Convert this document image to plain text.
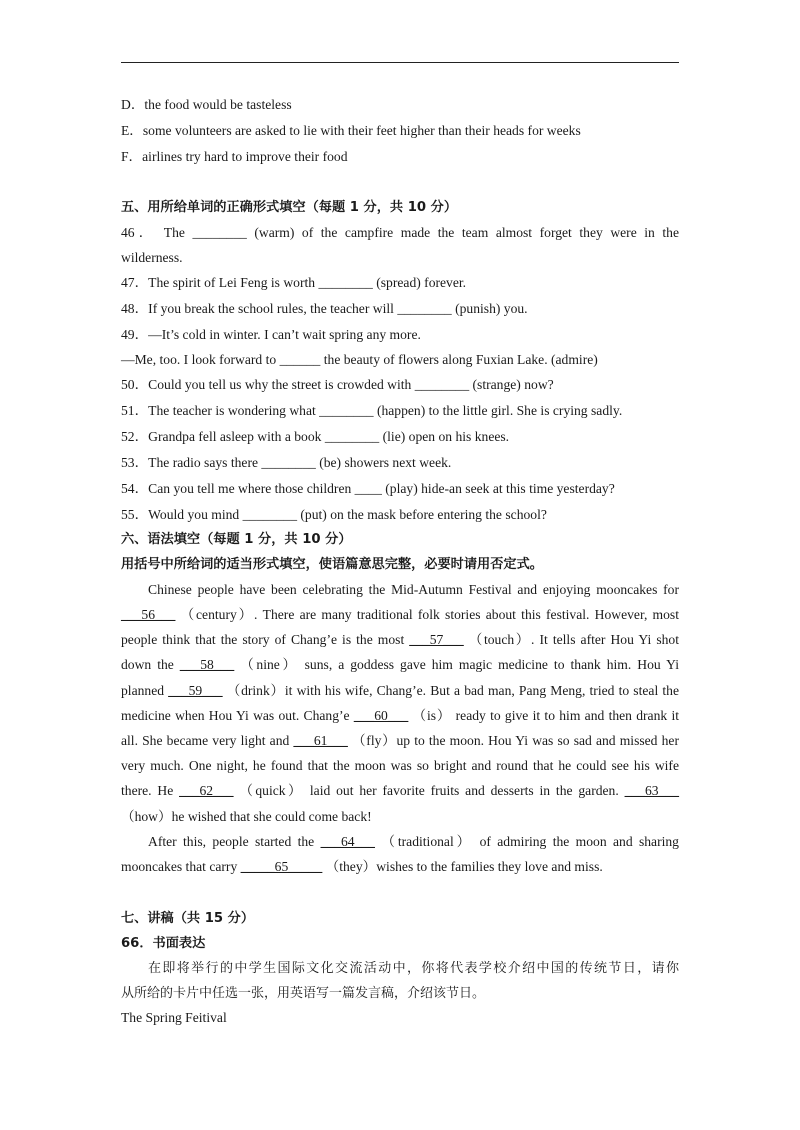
D．the food would be tasteless
E．some volunteers are asked to lie with their feet higher than their heads for weeks
F．airlines try hard to improve their food
五、用所给单词的正确形式填空（每题 1 分，共 10 分）
46． The ________ (warm) of the campfire made the team almost forget they were in the
wilderness.
47．The spirit of Lei Feng is worth ________ (spread) forever.
48．If you break the school rules, the teacher will ________ (punish) you.
49．—It’s cold in winter. I can’t wait spring any more.
—Me, too. I look forward to ______ the beauty of flowers along Fuxian Lake. (admire)
50．Could you tell us why the street is crowded with ________ (strange) now?
51．The teacher is wondering what ________ (happen) to the little girl. She is crying sadly.
52．Grandpa fell asleep with a book ________ (lie) open on his knees.
53．The radio says there ________ (be) showers next week.
54．Can you tell me where those children ____ (play) hide-an seek at this time yesterday?
55．Would you mind ________ (put) on the mask before entering the school?
六、语法填空（每题 1 分，共 10 分）
用括号中所给词的适当形式填空，使语篇意思完整，必要时请用否定式。
Chinese people have been celebrating the Mid-Autumn Festival and enjoying mooncakes for
___56___ （century）. There are many traditional folk stories about this festival. However, most
people think that the story of Chang’e is the most ___57___ （touch）. It tells after Hou Yi shot
down the ___58___ （nine） suns, a goddess gave him magic medicine to thank him. Hou Yi
planned ___59___ （drink）it with his wife, Chang’e. But a bad man, Pang Meng, tried to steal the
medicine when Hou Yi was out. Chang’e ___60___ （is） ready to give it to him and then drank it
all. She became very light and ___61___ （fly）up to the moon. Hou Yi was so sad and missed her
very much. One night, he found that the moon was so bright and round that he could see his wife
there. He ___62___ （quick） laid out her favorite fruits and desserts in the garden. ___63___
（how）he wished that she could come back!
After this, people started the ___64___ （traditional） of admiring the moon and sharing
mooncakes that carry _____65_____ （they）wishes to the families they love and miss.
七、讲稿（共 15 分）
66．书面表达
在即将举行的中学生国际文化交流活动中，你将代表学校介绍中国的传统节日，请你
从所给的卡片中任选一张，用英语写一篇发言稿，介绍该节日。
The Spring Feitival
